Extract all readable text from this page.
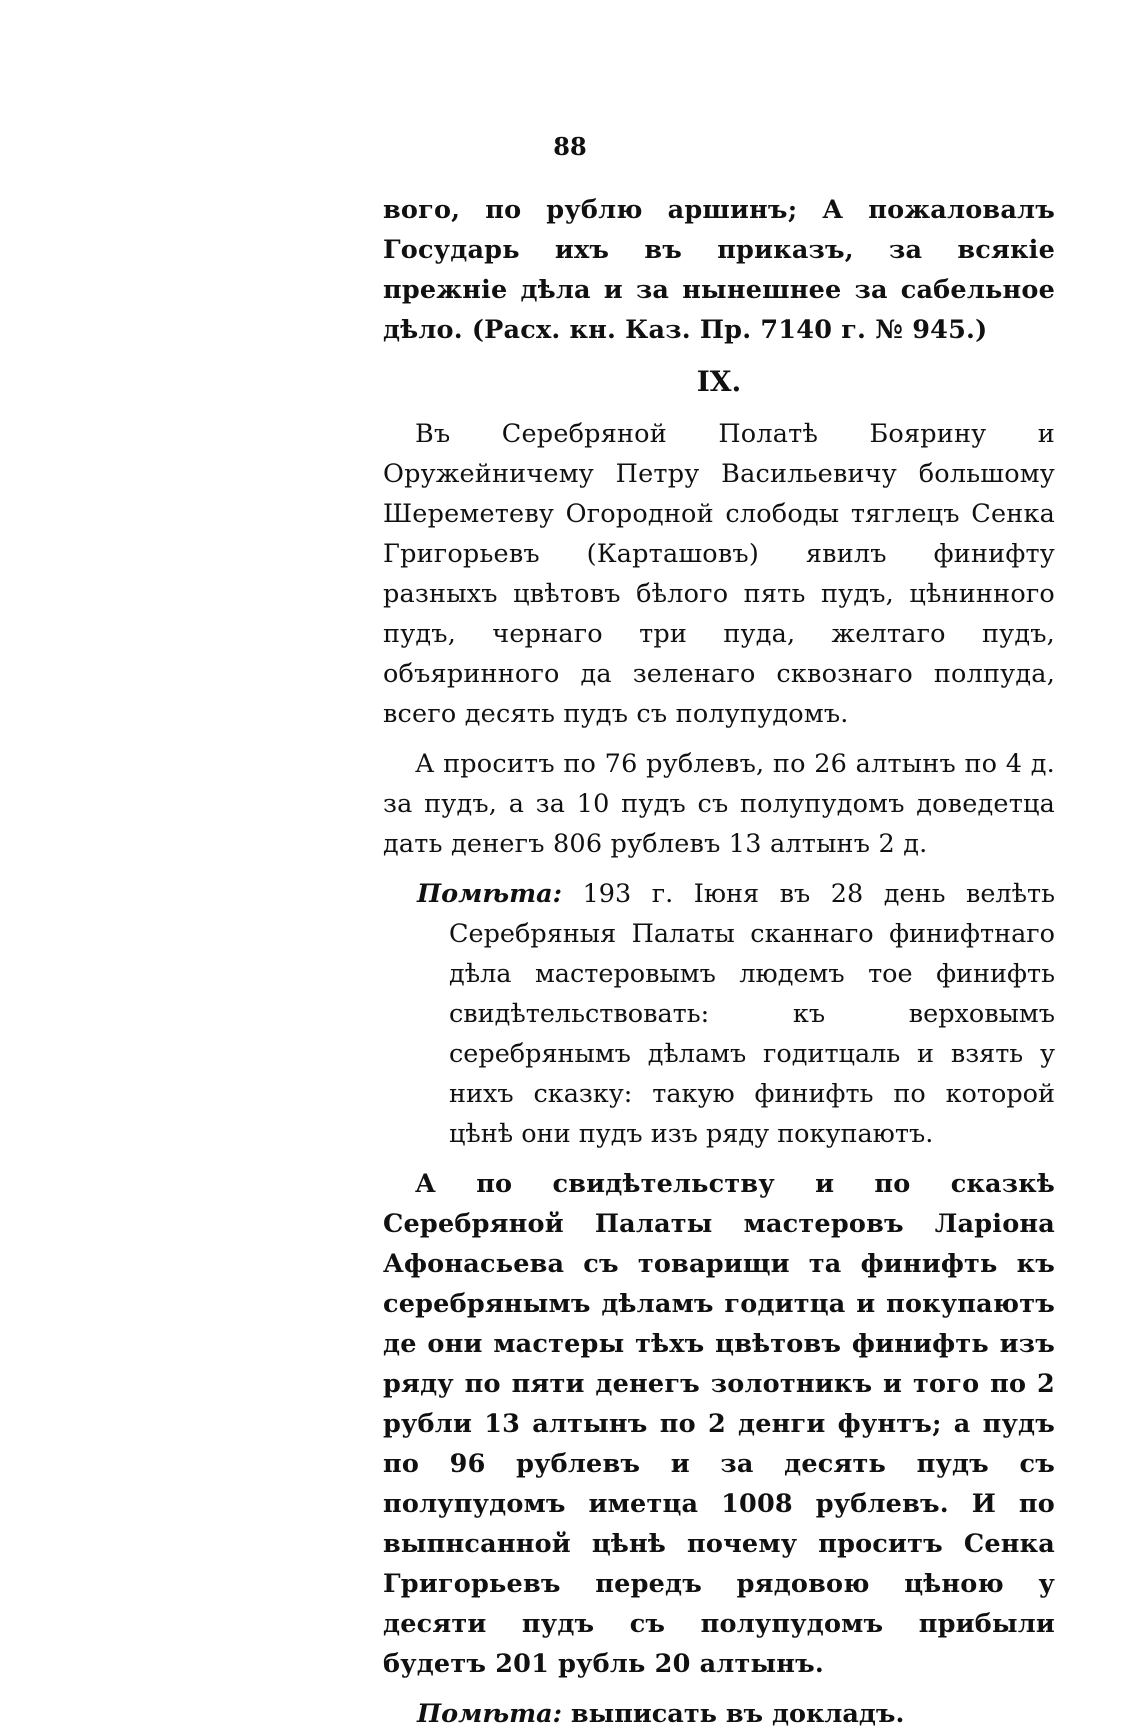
88

вого, по рублю аршинъ; А пожаловалъ Государь ихъ въ приказъ, за всякіе прежніе дѣла и за нынешнее за сабельное дѣло. (Расх. кн. Каз. Пр. 7140 г. № 945.)

IX.

Въ Серебряной Полатѣ Боярину и Оружейничему Петру Васильевичу большому Шереметеву Огородной слободы тяглецъ Сенка Григорьевъ (Карташовъ) явилъ финифту разныхъ цвѣтовъ бѣлого пять пудъ, цѣнинного пудъ, чернаго три пуда, желтаго пудъ, объяринного да зеленаго сквознаго полпуда, всего десять пудъ съ полупудомъ.

А проситъ по 76 рублевъ, по 26 алтынъ по 4 д. за пудъ, а за 10 пудъ съ полупудомъ доведетца дать денегъ 806 рублевъ 13 алтынъ 2 д.

Помѣта: 193 г. Іюня въ 28 день велѣть Серебряныя Палаты сканнаго финифтнаго дѣла мастеровымъ людемъ тое финифть свидѣтельствовать: къ верховымъ серебрянымъ дѣламъ годитцаль и взять у нихъ сказку: такую финифть по которой цѣнѣ они пудъ изъ ряду покупаютъ.

А по свидѣтельству и по сказкѣ Серебряной Палаты мастеровъ Ларіона Афонасьева съ товарищи та финифть къ серебрянымъ дѣламъ годитца и покупаютъ де они мастеры тѣхъ цвѣтовъ финифть изъ ряду по пяти денегъ золотникъ и того по 2 рубли 13 алтынъ по 2 денги фунтъ; а пудъ по 96 рублевъ и за десять пудъ съ полупудомъ иметца 1008 рублевъ. И по выпнсанной цѣнѣ почему проситъ Сенка Григорьевъ передъ рядовою цѣною у десяти пудъ съ полупудомъ прибыли будетъ 201 рубль 20 алтынъ.

Помѣта: выписать въ докладъ.
